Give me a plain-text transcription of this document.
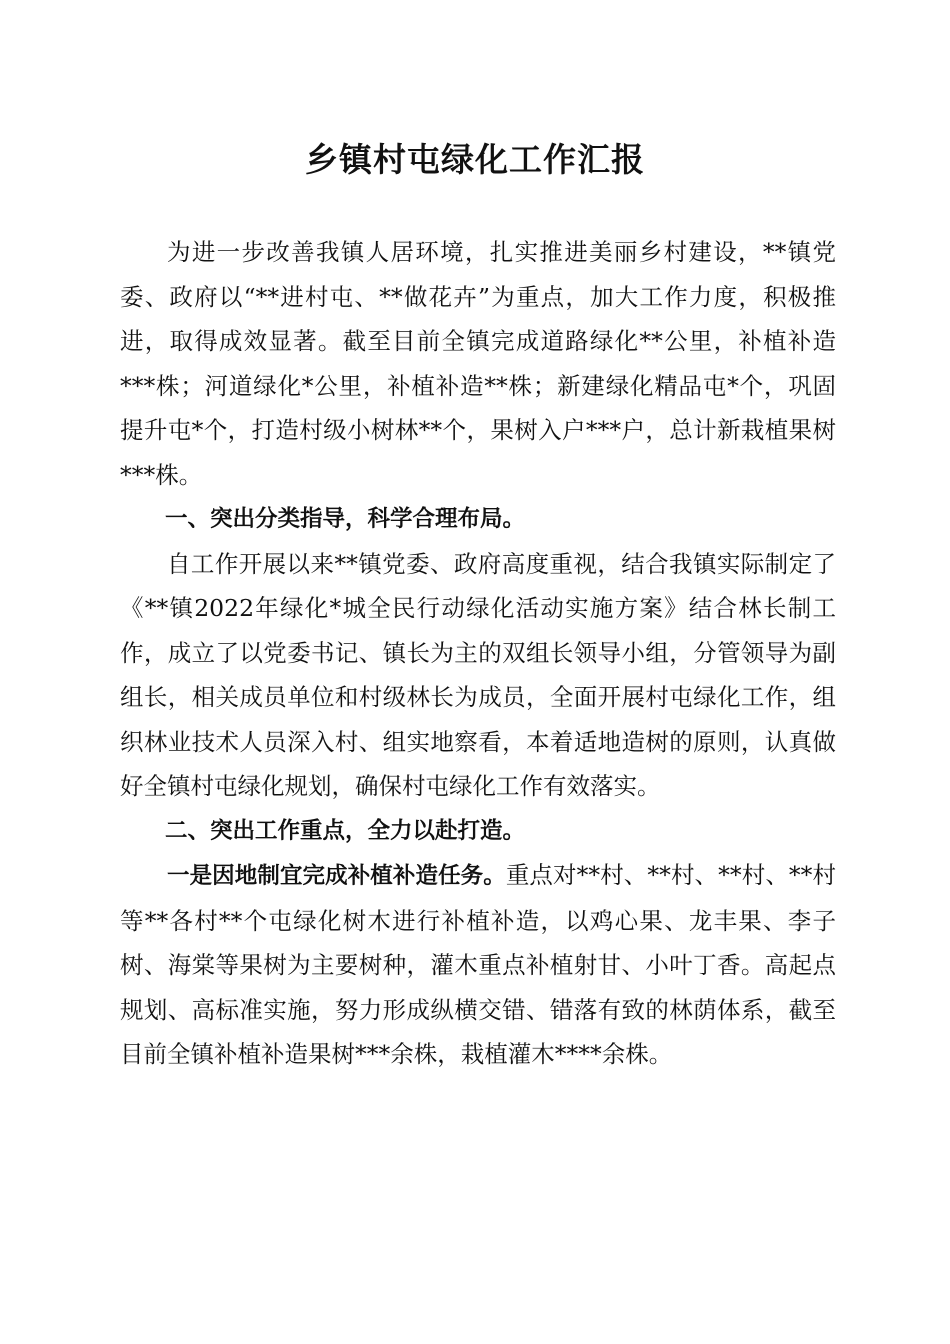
乡镇村屯绿化工作汇报

为进一步改善我镇人居环境，扎实推进美丽乡村建设，**镇党委、政府以“**进村屯、**做花卉”为重点，加大工作力度，积极推进，取得成效显著。截至目前全镇完成道路绿化**公里，补植补造***株；河道绿化*公里，补植补造**株；新建绿化精品屯*个，巩固提升屯*个，打造村级小树林**个，果树入户***户，总计新栽植果树***株。

一、突出分类指导，科学合理布局。

自工作开展以来**镇党委、政府高度重视，结合我镇实际制定了《**镇2022年绿化*城全民行动绿化活动实施方案》结合林长制工作，成立了以党委书记、镇长为主的双组长领导小组，分管领导为副组长，相关成员单位和村级林长为成员，全面开展村屯绿化工作，组织林业技术人员深入村、组实地察看，本着适地造树的原则，认真做好全镇村屯绿化规划，确保村屯绿化工作有效落实。

二、突出工作重点，全力以赴打造。

一是因地制宜完成补植补造任务。重点对**村、**村、**村、**村等**各村**个屯绿化树木进行补植补造，以鸡心果、龙丰果、李子树、海棠等果树为主要树种，灌木重点补植射甘、小叶丁香。高起点规划、高标准实施，努力形成纵横交错、错落有致的林荫体系，截至目前全镇补植补造果树***余株，栽植灌木****余株。
